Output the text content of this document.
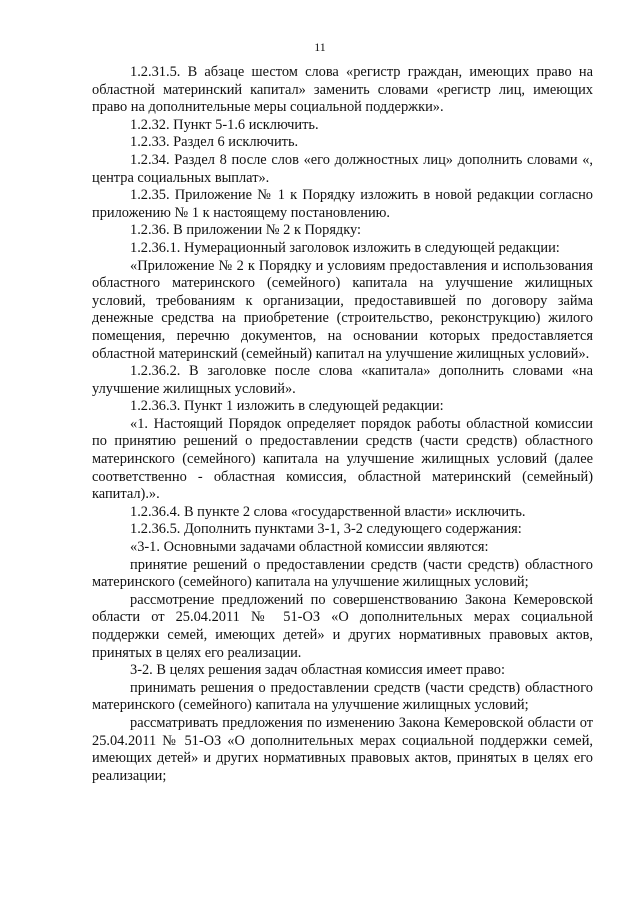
11

1.2.31.5. В абзаце шестом слова «регистр граждан, имеющих право на областной материнский капитал» заменить словами «регистр лиц, имеющих право на дополнительные меры социальной поддержки».

1.2.32. Пункт 5-1.6 исключить.

1.2.33. Раздел 6 исключить.

1.2.34. Раздел 8 после слов «его должностных лиц» дополнить словами «, центра социальных выплат».

1.2.35. Приложение № 1 к Порядку изложить в новой редакции согласно приложению № 1 к настоящему постановлению.

1.2.36. В приложении № 2 к Порядку:

1.2.36.1. Нумерационный заголовок изложить в следующей редакции:

«Приложение № 2 к Порядку и условиям предоставления и использования областного материнского (семейного) капитала на улучшение жилищных условий, требованиям к организации, предоставившей по договору займа денежные средства на приобретение (строительство, реконструкцию) жилого помещения, перечню документов, на основании которых предоставляется областной материнский (семейный) капитал на улучшение жилищных условий».

1.2.36.2. В заголовке после слова «капитала» дополнить словами «на улучшение жилищных условий».

1.2.36.3. Пункт 1 изложить в следующей редакции:

«1. Настоящий Порядок определяет порядок работы областной комиссии по принятию решений о предоставлении средств (части средств) областного материнского (семейного) капитала на улучшение жилищных условий (далее соответственно - областная комиссия, областной материнский (семейный) капитал).».

1.2.36.4. В пункте 2 слова «государственной власти» исключить.

1.2.36.5. Дополнить пунктами 3-1, 3-2 следующего содержания:

«3-1. Основными задачами областной комиссии являются:

принятие решений о предоставлении средств (части средств) областного материнского (семейного) капитала на улучшение жилищных условий;

рассмотрение предложений по совершенствованию Закона Кемеровской области от 25.04.2011 № 51-ОЗ «О дополнительных мерах социальной поддержки семей, имеющих детей» и других нормативных правовых актов, принятых в целях его реализации.

3-2. В целях решения задач областная комиссия имеет право:

принимать решения о предоставлении средств (части средств) областного материнского (семейного) капитала на улучшение жилищных условий;

рассматривать предложения по изменению Закона Кемеровской области от 25.04.2011 № 51-ОЗ «О дополнительных мерах социальной поддержки семей, имеющих детей» и других нормативных правовых актов, принятых в целях его реализации;
